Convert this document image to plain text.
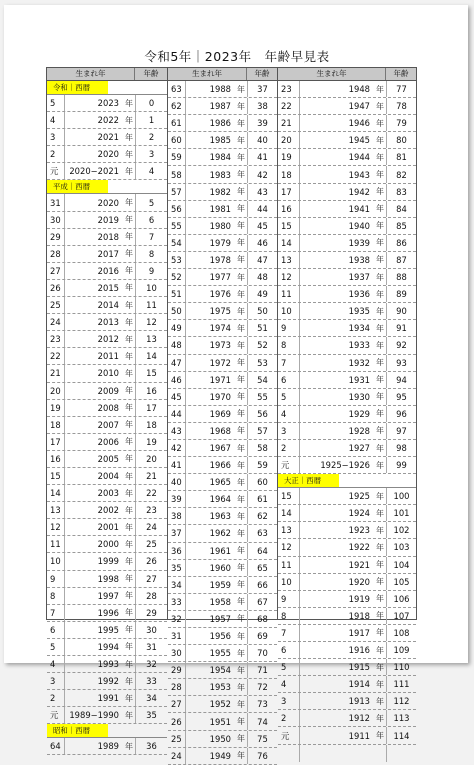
令和5年｜2023年　年齢早見表
生まれ年	年齢
令和｜西暦
5	2023 年	0
4	2022 年	1
3	2021 年	2
2	2020 年	3
元	2020−2021 年	4
平成｜西暦
31	2020 年	5
30	2019 年	6
29	2018 年	7
28	2017 年	8
27	2016 年	9
26	2015 年	10
25	2014 年	11
24	2013 年	12
23	2012 年	13
22	2011 年	14
21	2010 年	15
20	2009 年	16
19	2008 年	17
18	2007 年	18
17	2006 年	19
16	2005 年	20
15	2004 年	21
14	2003 年	22
13	2002 年	23
12	2001 年	24
11	2000 年	25
10	1999 年	26
9	1998 年	27
8	1997 年	28
7	1996 年	29
6	1995 年	30
5	1994 年	31
4	1993 年	32
3	1992 年	33
2	1991 年	34
元	1989−1990 年	35
昭和｜西暦
64	1989 年	36
生まれ年	年齢
63	1988 年	37
62	1987 年	38
61	1986 年	39
60	1985 年	40
59	1984 年	41
58	1983 年	42
57	1982 年	43
56	1981 年	44
55	1980 年	45
54	1979 年	46
53	1978 年	47
52	1977 年	48
51	1976 年	49
50	1975 年	50
49	1974 年	51
48	1973 年	52
47	1972 年	53
46	1971 年	54
45	1970 年	55
44	1969 年	56
43	1968 年	57
42	1967 年	58
41	1966 年	59
40	1965 年	60
39	1964 年	61
38	1963 年	62
37	1962 年	63
36	1961 年	64
35	1960 年	65
34	1959 年	66
33	1958 年	67
32	1957 年	68
31	1956 年	69
30	1955 年	70
29	1954 年	71
28	1953 年	72
27	1952 年	73
26	1951 年	74
25	1950 年	75
24	1949 年	76
生まれ年	年齢
23	1948 年	77
22	1947 年	78
21	1946 年	79
20	1945 年	80
19	1944 年	81
18	1943 年	82
17	1942 年	83
16	1941 年	84
15	1940 年	85
14	1939 年	86
13	1938 年	87
12	1937 年	88
11	1936 年	89
10	1935 年	90
9	1934 年	91
8	1933 年	92
7	1932 年	93
6	1931 年	94
5	1930 年	95
4	1929 年	96
3	1928 年	97
2	1927 年	98
元	1925−1926 年	99
大正｜西暦
15	1925 年	100
14	1924 年	101
13	1923 年	102
12	1922 年	103
11	1921 年	104
10	1920 年	105
9	1919 年	106
8	1918 年	107
7	1917 年	108
6	1916 年	109
5	1915 年	110
4	1914 年	111
3	1913 年	112
2	1912 年	113
元	1911 年	114
